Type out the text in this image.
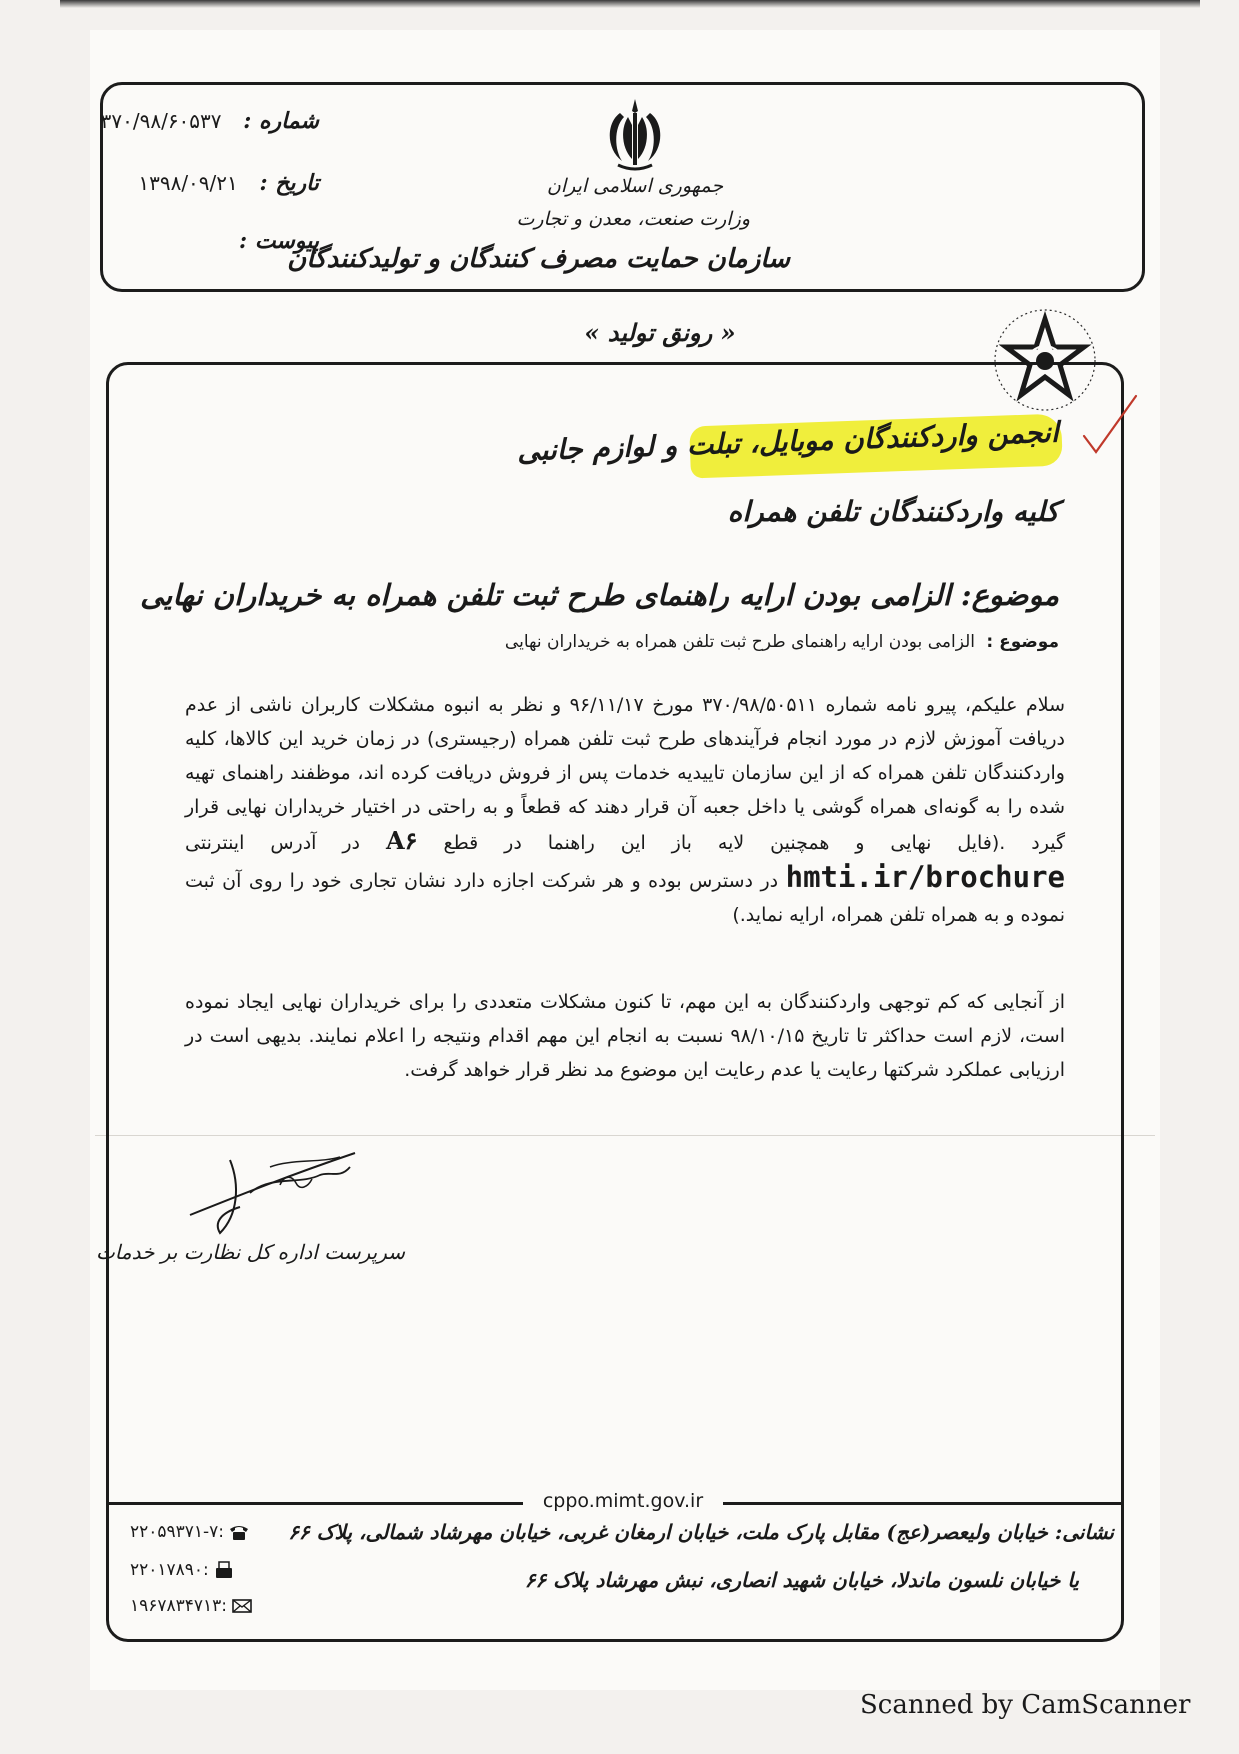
جمهوری اسلامی ایران
وزارت صنعت، معدن و تجارت
سازمان حمایت مصرف کنندگان و تولیدکنندگان
شماره : ۳۷۰/۹۸/۶۰۵۳۷
تاریخ : ۱۳۹۸/۰۹/۲۱
پیوست :
« رونق تولید »
انجمن واردکنندگان موبایل، تبلت و لوازم جانبی
کلیه واردکنندگان تلفن همراه
موضوع: الزامی بودن ارایه راهنمای طرح ثبت تلفن همراه به خریداران نهایی
موضوع : الزامی بودن ارایه راهنمای طرح ثبت تلفن همراه به خریداران نهایی

سلام علیکم، پیرو نامه شماره ۳۷۰/۹۸/۵۰۵۱۱ مورخ ۹۶/۱۱/۱۷ و نظر به انبوه مشکلات کاربران ناشی از عدم دریافت آموزش لازم در مورد انجام فرآیندهای طرح ثبت تلفن همراه (رجیستری) در زمان خرید این کالاها، کلیه واردکنندگان تلفن همراه که از این سازمان تاییدیه خدمات پس از فروش دریافت کرده اند، موظفند راهنمای تهیه شده را به گونه‌ای همراه گوشی یا داخل جعبه آن قرار دهند که قطعاً و به راحتی در اختیار خریداران نهایی قرار گیرد .(فایل نهایی و همچنین لایه باز این راهنما در قطع A۶ در آدرس اینترنتی hmti.ir/brochure در دسترس بوده و هر شرکت اجازه دارد نشان تجاری خود را روی آن ثبت نموده و به همراه تلفن همراه، ارایه نماید.)

از آنجایی که کم توجهی واردکنندگان به این مهم، تا کنون مشکلات متعددی را برای خریداران نهایی ایجاد نموده است، لازم است حداکثر تا تاریخ ۹۸/۱۰/۱۵ نسبت به انجام این مهم اقدام ونتیجه را اعلام نمایند. بدیهی است در ارزیابی عملکرد شرکتها رعایت یا عدم رعایت این موضوع مد نظر قرار خواهد گرفت.

سرپرست اداره کل نظارت بر خدمات
cppo.mimt.gov.ir
نشانی: خیابان ولیعصر(عج) مقابل پارک ملت، خیابان ارمغان غربی، خیابان مهرشاد شمالی، پلاک ۶۶
یا خیابان نلسون ماندلا، خیابان شهید انصاری، نبش مهرشاد پلاک ۶۶
۲۲۰۵۹۳۷۱-۷:
۲۲۰۱۷۸۹۰:
۱۹۶۷۸۳۴۷۱۳:
Scanned by CamScanner
